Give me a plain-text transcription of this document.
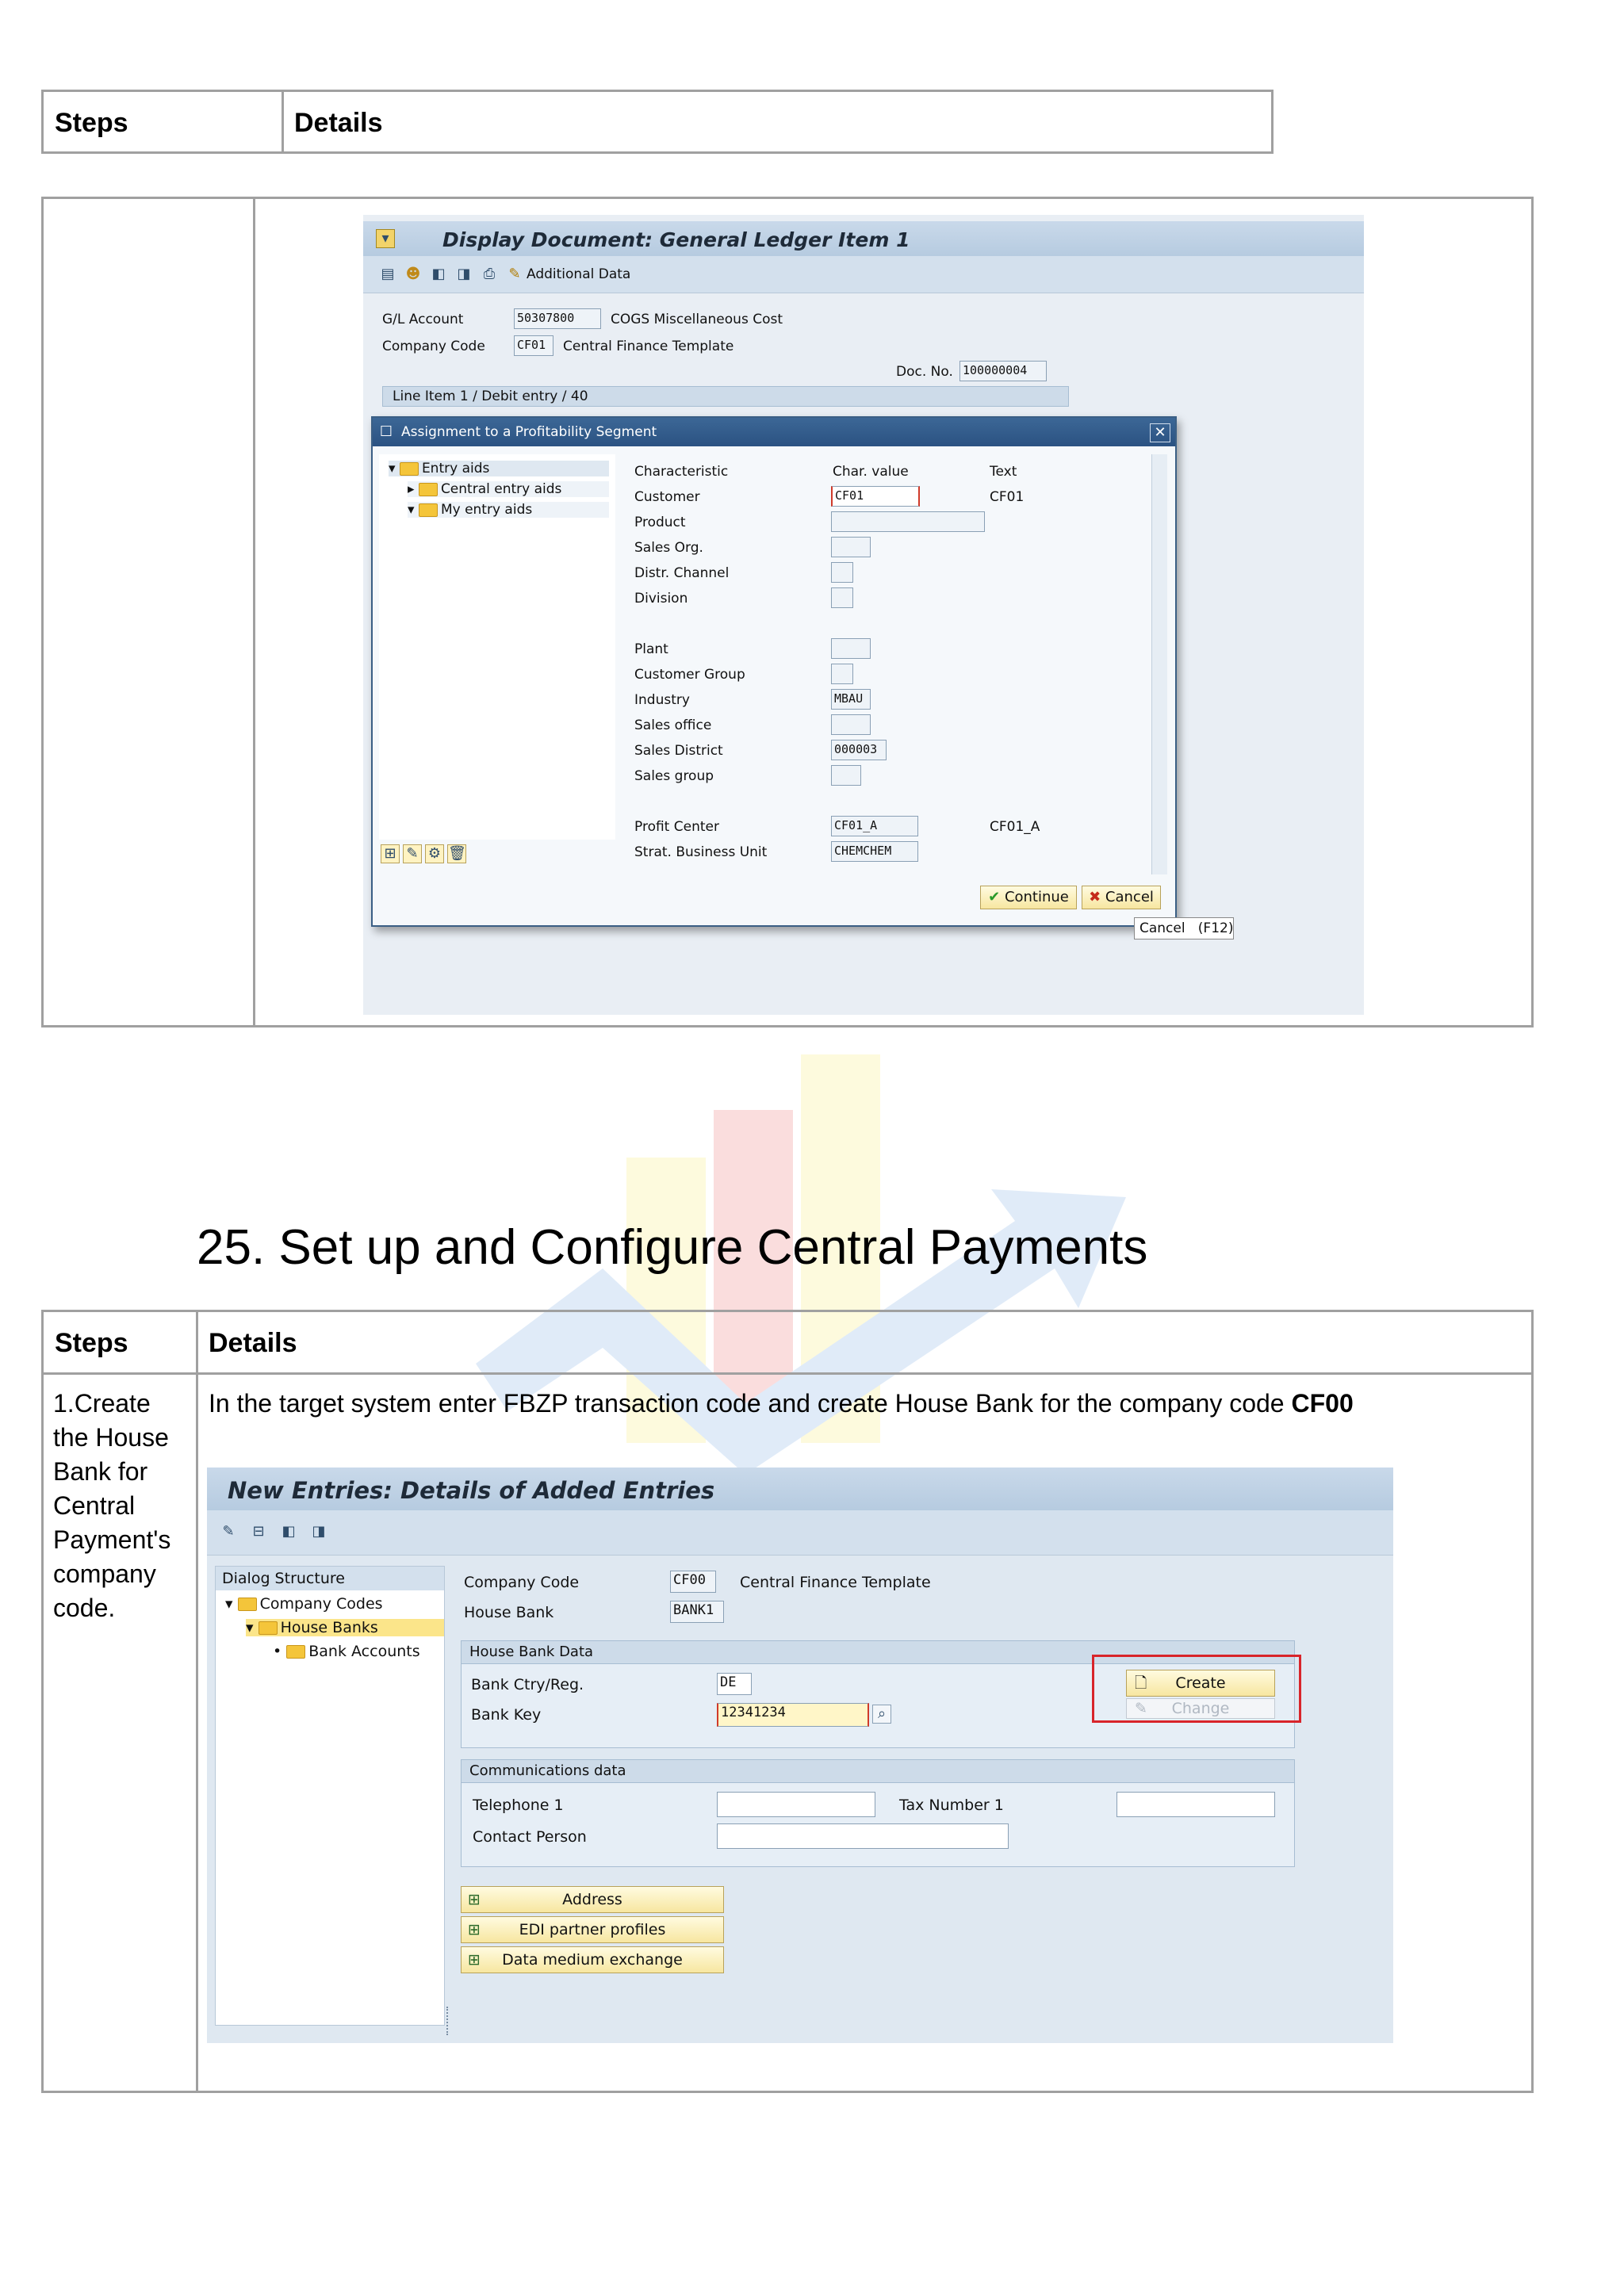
Steps	Details
▾	Display Document: General Ledger Item 1
▤ ☻ ◧ ◨ ⎙ ✎ Additional Data
G/L Account	50307800	COGS Miscellaneous Cost
Company Code	CF01	Central Finance Template
Doc. No. 100000004
Line Item 1 / Debit entry / 40
☐ Assignment to a Profitability Segment	✕
▾ Entry aids
▸ Central entry aids
▾ My entry aids
⊞ ✎ ⚙ 🗑
Characteristic	Char. value	Text
Customer	CF01	CF01
Product
Sales Org.
Distr. Channel
Division
Plant
Customer Group
Industry	MBAU
Sales office
Sales District	000003
Sales group
Profit Center	CF01_A	CF01_A
Strat. Business Unit	CHEMCHEM
✔ Continue	✖ Cancel
Cancel   (F12)
25. Set up and Configure Central Payments
Steps	Details
1.Create the House Bank for Central Payment's company code.
In the target system enter FBZP transaction code and create House Bank for the company code CF00
New Entries: Details of Added Entries
✎ ⊟ ◧ ◨
Dialog Structure
▾ Company Codes
▾ House Banks
• Bank Accounts
Company Code	CF00	Central Finance Template
House Bank	BANK1
House Bank Data
Bank Ctry/Reg.	DE
Bank Key	12341234	⌕
🗋 Create
✎ Change
Communications data
Telephone 1	Tax Number 1
Contact Person
⊞	Address
⊞	EDI partner profiles
⊞ Data medium exchange
